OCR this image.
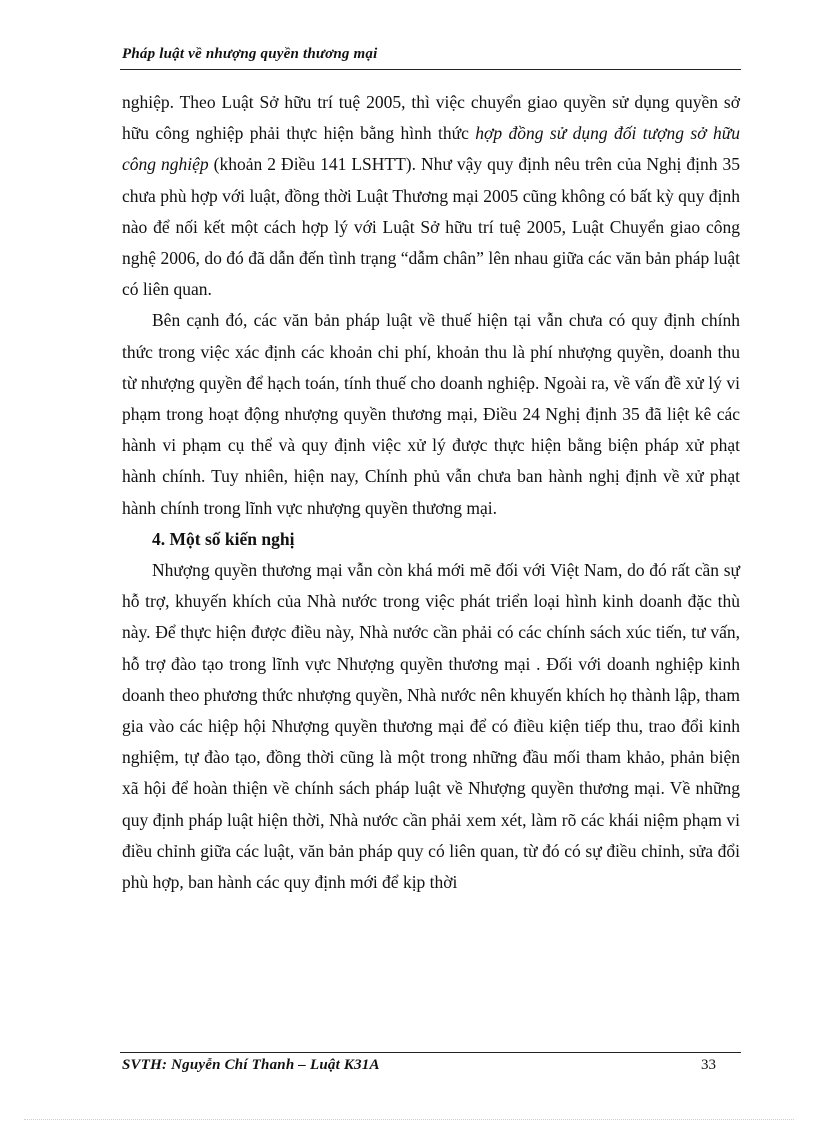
Pháp luật về nhượng quyền thương mại

nghiệp. Theo Luật Sở hữu trí tuệ 2005, thì việc chuyển giao quyền sử dụng quyền sở hữu công nghiệp phải thực hiện bằng hình thức hợp đồng sử dụng đối tượng sở hữu công nghiệp (khoản 2 Điều 141 LSHTT). Như vậy quy định nêu trên của Nghị định 35 chưa phù hợp với luật, đồng thời Luật Thương mại 2005 cũng không có bất kỳ quy định nào để nối kết một cách hợp lý với Luật Sở hữu trí tuệ 2005, Luật Chuyển giao công nghệ 2006, do đó đã dẫn đến tình trạng “dẫm chân” lên nhau giữa các văn bản pháp luật có liên quan.

Bên cạnh đó, các văn bản pháp luật về thuế hiện tại vẫn chưa có quy định chính thức trong việc xác định các khoản chi phí, khoản thu là phí nhượng quyền, doanh thu từ nhượng quyền để hạch toán, tính thuế cho doanh nghiệp. Ngoài ra, về vấn đề xử lý vi phạm trong hoạt động nhượng quyền thương mại, Điều 24 Nghị định 35 đã liệt kê các hành vi phạm cụ thể và quy định việc xử lý được thực hiện bằng biện pháp xử phạt hành chính. Tuy nhiên, hiện nay, Chính phủ vẫn chưa ban hành nghị định về xử phạt hành chính trong lĩnh vực nhượng quyền thương mại.

4. Một số kiến nghị

Nhượng quyền thương mại vẫn còn khá mới mẽ đối với Việt Nam, do đó rất cần sự hỗ trợ, khuyến khích của Nhà nước trong việc phát triển loại hình kinh doanh đặc thù này. Để thực hiện được điều này, Nhà nước cần phải có các chính sách xúc tiến, tư vấn, hỗ trợ đào tạo trong lĩnh vực Nhượng quyền thương mại . Đối với doanh nghiệp kinh doanh theo phương thức nhượng quyền, Nhà nước nên khuyến khích họ thành lập, tham gia vào các hiệp hội Nhượng quyền thương mại để có điều kiện tiếp thu, trao đổi kinh nghiệm, tự đào tạo, đồng thời cũng là một trong những đầu mối tham khảo, phản biện xã hội để hoàn thiện về chính sách pháp luật về Nhượng quyền thương mại. Về những quy định pháp luật hiện thời, Nhà nước cần phải xem xét, làm rõ các khái niệm phạm vi điều chỉnh giữa các luật, văn bản pháp quy có liên quan, từ đó có sự điều chỉnh, sửa đổi phù hợp, ban hành các quy định mới để kịp thời

SVTH: Nguyễn Chí Thanh – Luật K31A	33
